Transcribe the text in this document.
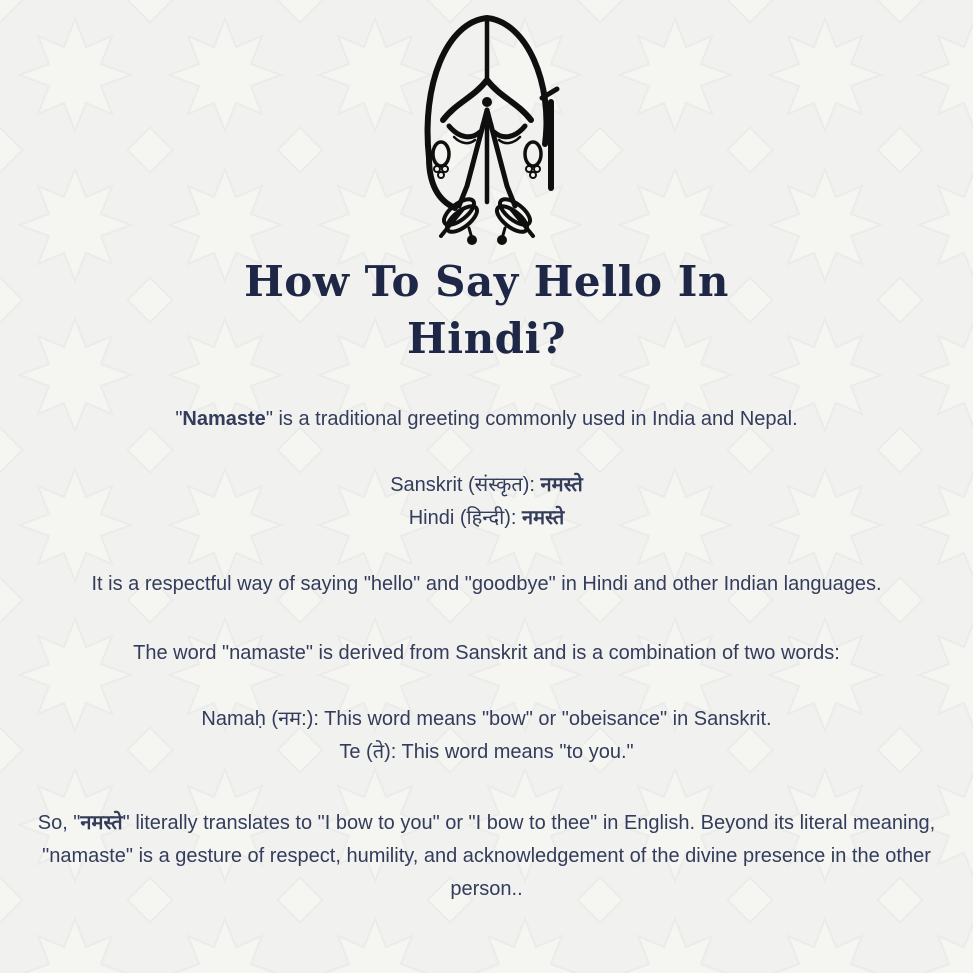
How To Say Hello In
Hindi?

"Namaste" is a traditional greeting commonly used in India and Nepal.

Sanskrit (संस्कृत): नमस्ते
Hindi (हिन्दी): नमस्ते

It is a respectful way of saying "hello" and "goodbye" in Hindi and other Indian languages.

The word "namaste" is derived from Sanskrit and is a combination of two words:

Namaḥ (नम:): This word means "bow" or "obeisance" in Sanskrit.
Te (ते): This word means "to you."

So, "नमस्ते" literally translates to "I bow to you" or "I bow to thee" in English. Beyond its literal meaning, "namaste" is a gesture of respect, humility, and acknowledgement of the divine presence in the other person..
